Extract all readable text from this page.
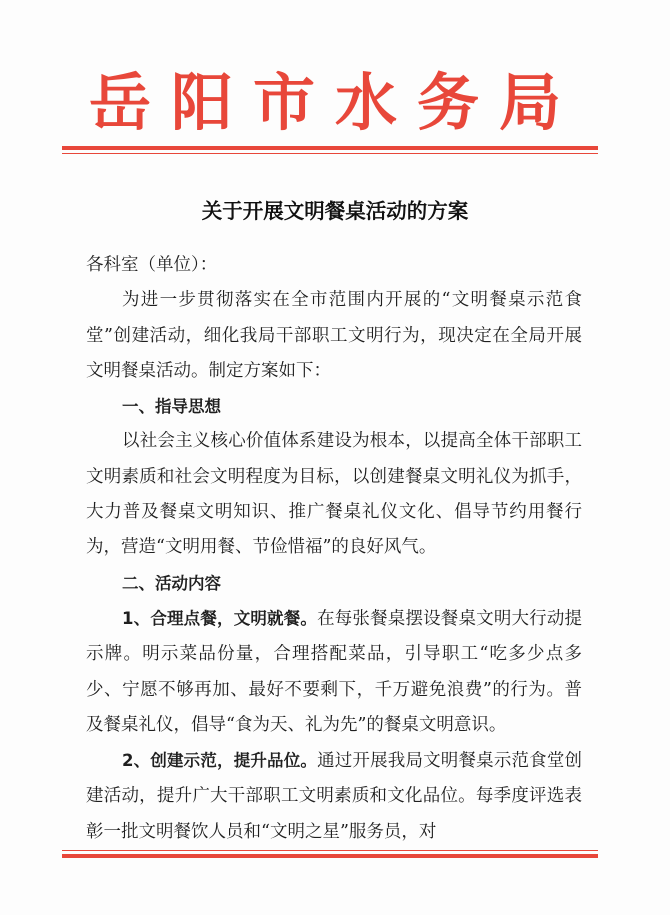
岳阳市水务局
关于开展文明餐桌活动的方案

各科室（单位）：

为进一步贯彻落实在全市范围内开展的“文明餐桌示范食堂”创建活动，细化我局干部职工文明行为，现决定在全局开展文明餐桌活动。制定方案如下：

一、指导思想

以社会主义核心价值体系建设为根本，以提高全体干部职工文明素质和社会文明程度为目标，以创建餐桌文明礼仪为抓手，大力普及餐桌文明知识、推广餐桌礼仪文化、倡导节约用餐行为，营造“文明用餐、节俭惜福”的良好风气。

二、活动内容

1、合理点餐，文明就餐。在每张餐桌摆设餐桌文明大行动提示牌。明示菜品份量，合理搭配菜品，引导职工“吃多少点多少、宁愿不够再加、最好不要剩下，千万避免浪费”的行为。普及餐桌礼仪，倡导“食为天、礼为先”的餐桌文明意识。

2、创建示范，提升品位。通过开展我局文明餐桌示范食堂创建活动，提升广大干部职工文明素质和文化品位。每季度评选表彰一批文明餐饮人员和“文明之星”服务员，对
